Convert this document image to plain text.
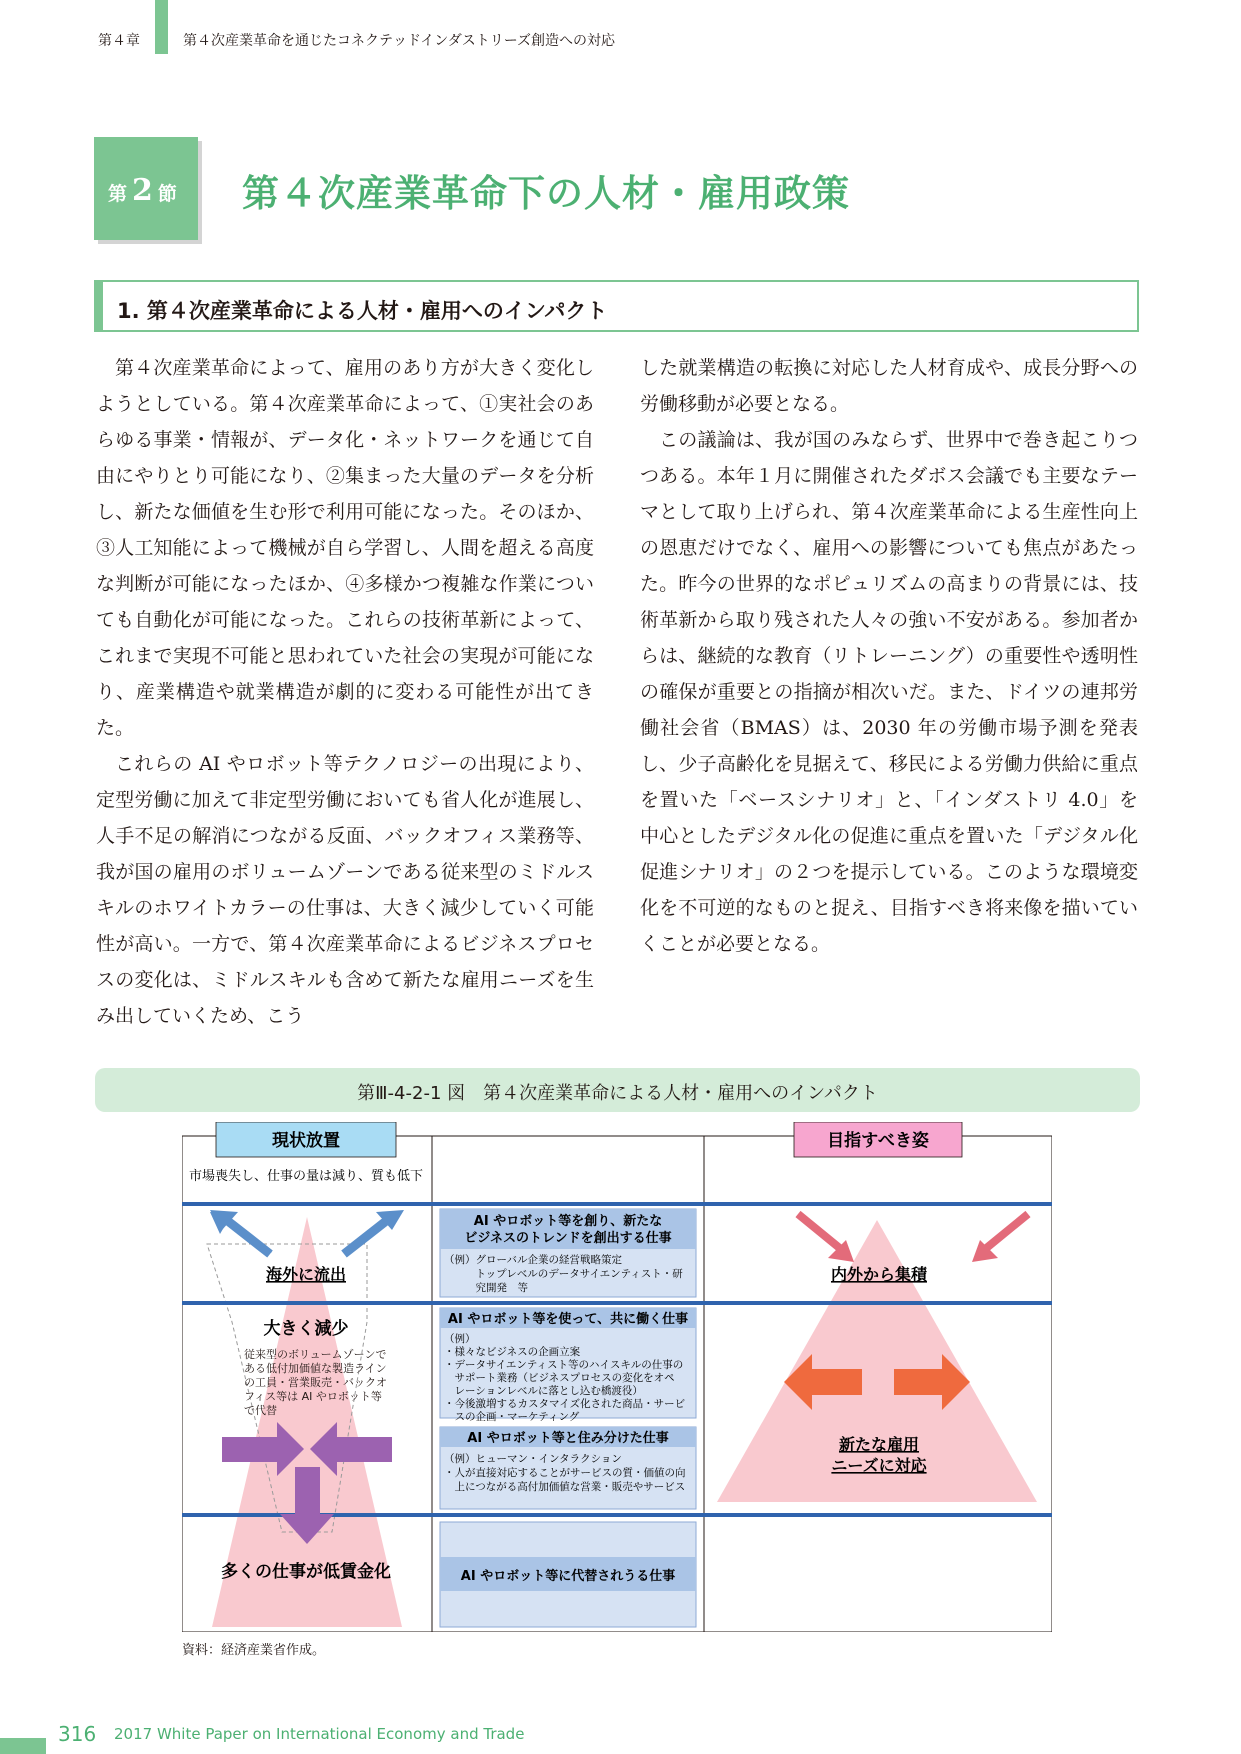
第４章	第４次産業革命を通じたコネクテッドインダストリーズ創造への対応
第 2 節 第４次産業革命下の人材・雇用政策
1. 第４次産業革命による人材・雇用へのインパクト

第４次産業革命によって、雇用のあり方が大きく変化しようとしている。第４次産業革命によって、①実社会のあらゆる事業・情報が、データ化・ネットワークを通じて自由にやりとり可能になり、②集まった大量のデータを分析し、新たな価値を生む形で利用可能になった。そのほか、③人工知能によって機械が自ら学習し、人間を超える高度な判断が可能になったほか、④多様かつ複雑な作業についても自動化が可能になった。これらの技術革新によって、これまで実現不可能と思われていた社会の実現が可能になり、産業構造や就業構造が劇的に変わる可能性が出てきた。

これらの AI やロボット等テクノロジーの出現により、定型労働に加えて非定型労働においても省人化が進展し、人手不足の解消につながる反面、バックオフィス業務等、我が国の雇用のボリュームゾーンである従来型のミドルスキルのホワイトカラーの仕事は、大きく減少していく可能性が高い。一方で、第４次産業革命によるビジネスプロセスの変化は、ミドルスキルも含めて新たな雇用ニーズを生み出していくため、こう

した就業構造の転換に対応した人材育成や、成長分野への労働移動が必要となる。

この議論は、我が国のみならず、世界中で巻き起こりつつある。本年１月に開催されたダボス会議でも主要なテーマとして取り上げられ、第４次産業革命による生産性向上の恩恵だけでなく、雇用への影響についても焦点があたった。昨今の世界的なポピュリズムの高まりの背景には、技術革新から取り残された人々の強い不安がある。参加者からは、継続的な教育（リトレーニング）の重要性や透明性の確保が重要との指摘が相次いだ。また、ドイツの連邦労働社会省（BMAS）は、2030 年の労働市場予測を発表し、少子高齢化を見据えて、移民による労働力供給に重点を置いた「ベースシナリオ」と、「インダストリ 4.0」を中心としたデジタル化の促進に重点を置いた「デジタル化促進シナリオ」の２つを提示している。このような環境変化を不可逆的なものと捉え、目指すべき将来像を描いていくことが必要となる。

第Ⅲ-4-2-1 図　第４次産業革命による人材・雇用へのインパクト
現状放置
市場喪失し、仕事の量は減り、質も低下
目指すべき姿
海外に流出	内外から集積
大きく減少
従来型のボリュームゾーンで
ある低付加価値な製造ライン
の工員・営業販売・バックオ
フィス等は AI やロボット等
で代替
多くの仕事が低賃金化
新たな雇用
ニーズに対応
AI やロボット等を創り、新たな
ビジネスのトレンドを創出する仕事
（例）グローバル企業の経営戦略策定
　　　トップレベルのデータサイエンティスト・研
　　　究開発　等
AI やロボット等を使って、共に働く仕事
（例）
・様々なビジネスの企画立案
・データサイエンティスト等のハイスキルの仕事の
　サポート業務（ビジネスプロセスの変化をオペ
　レーションレベルに落とし込む橋渡役）
・今後激増するカスタマイズ化された商品・サービ
　スの企画・マーケティング
AI やロボット等と住み分けた仕事
（例）ヒューマン・インタラクション
・人が直接対応することがサービスの質・価値の向
　上につながる高付加価値な営業・販売やサービス
AI やロボット等に代替されうる仕事
資料：経済産業省作成。
316 2017 White Paper on International Economy and Trade
